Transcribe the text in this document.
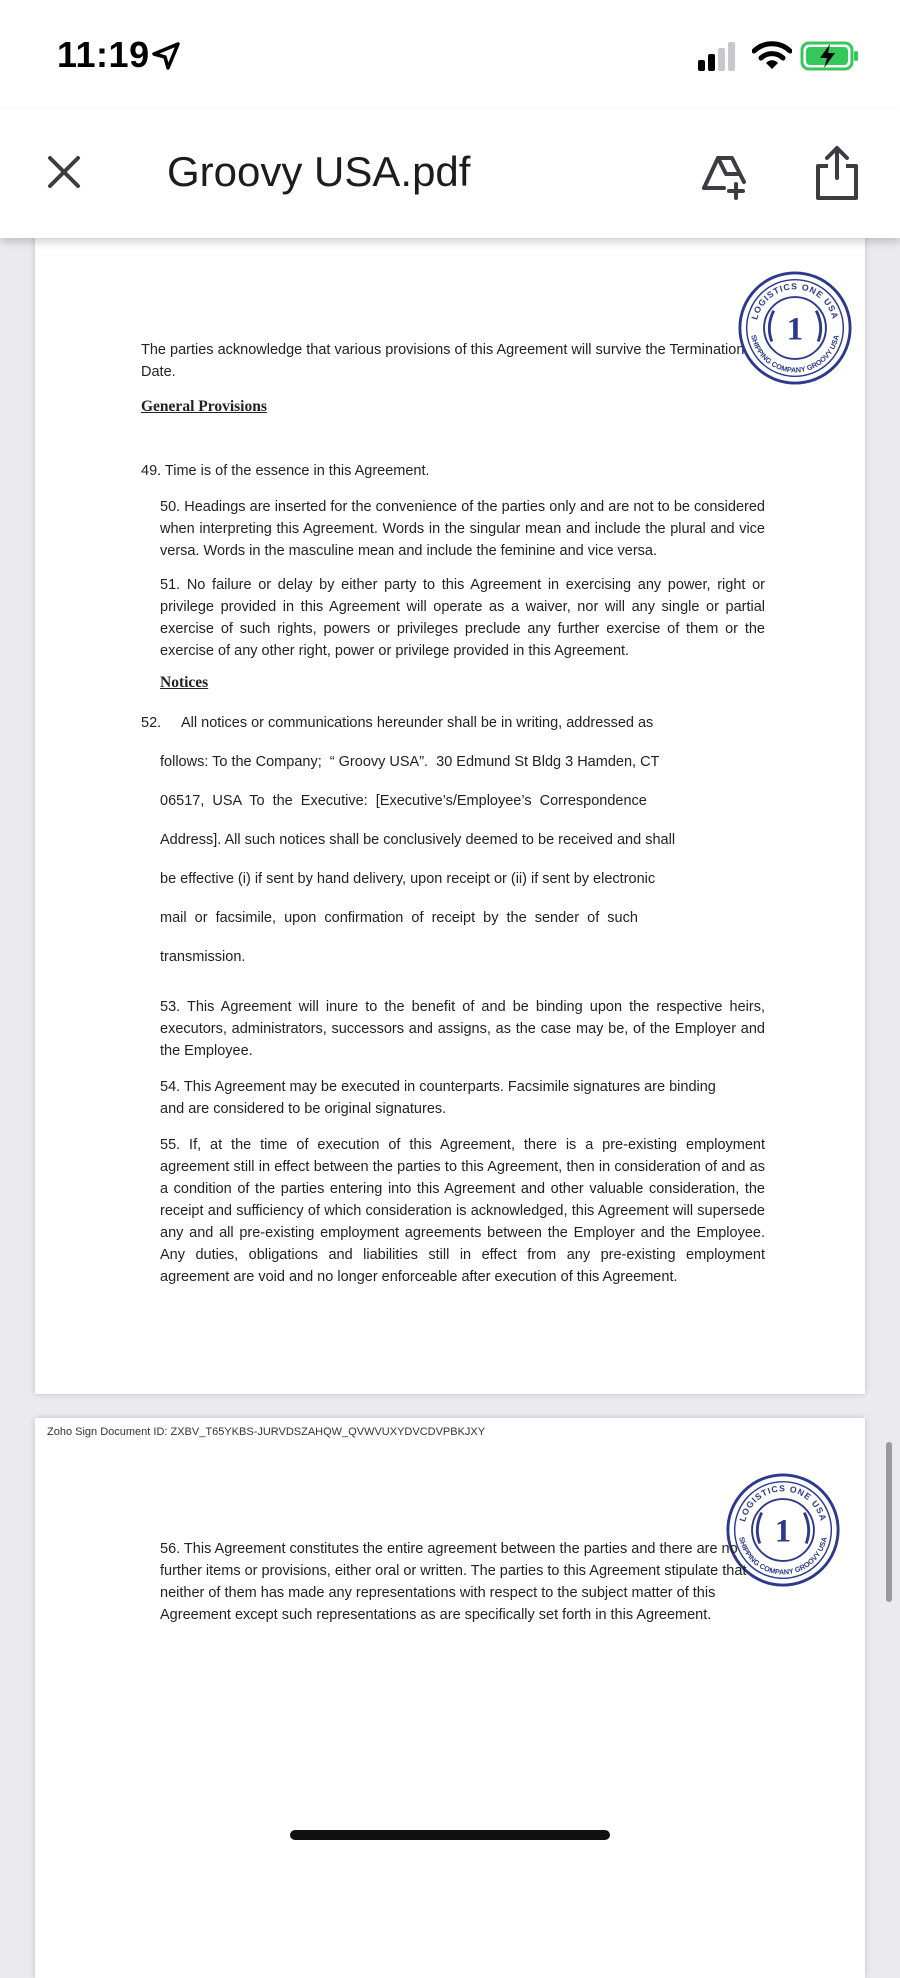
11:19
Groovy USA.pdf
The parties acknowledge that various provisions of this Agreement will survive the Termination Date.
LOGISTICS ONE USA
SHIPPING COMPANY GROOVY USA
1
General Provisions
49. Time is of the essence in this Agreement.
50. Headings are inserted for the convenience of the parties only and are not to be considered when interpreting this Agreement. Words in the singular mean and include the plural and vice versa. Words in the masculine mean and include the feminine and vice versa.
51. No failure or delay by either party to this Agreement in exercising any power, right or privilege provided in this Agreement will operate as a waiver, nor will any single or partial exercise of such rights, powers or privileges preclude any further exercise of them or the exercise of any other right, power or privilege provided in this Agreement.
Notices
52. All notices or communications hereunder shall be in writing, addressed as
follows: To the Company;  “ Groovy USA”.  30 Edmund St Bldg 3 Hamden, CT
06517,  USA  To  the  Executive:  [Executive’s/Employee’s  Correspondence
Address]. All such notices shall be conclusively deemed to be received and shall
be effective (i) if sent by hand delivery, upon receipt or (ii) if sent by electronic
mail  or  facsimile,  upon  confirmation  of  receipt  by  the  sender  of  such
transmission.
53. This Agreement will inure to the benefit of and be binding upon the respective heirs, executors, administrators, successors and assigns, as the case may be, of the Employer and the Employee.
54. This Agreement may be executed in counterparts. Facsimile signatures are binding and are considered to be original signatures.
55. If, at the time of execution of this Agreement, there is a pre-existing employment agreement still in effect between the parties to this Agreement, then in consideration of and as a condition of the parties entering into this Agreement and other valuable consideration, the receipt and sufficiency of which consideration is acknowledged, this Agreement will supersede any and all pre-existing employment agreements between the Employer and the Employee. Any duties, obligations and liabilities still in effect from any pre-existing employment agreement are void and no longer enforceable after execution of this Agreement.
Zoho Sign Document ID: ZXBV_T65YKBS-JURVDSZAHQW_QVWVUXYDVCDVPBKJXY
LOGISTICS ONE USA
SHIPPING COMPANY GROOVY USA
1
56. This Agreement constitutes the entire agreement between the parties and there are no further items or provisions, either oral or written. The parties to this Agreement stipulate that neither of them has made any representations with respect to the subject matter of this Agreement except such representations as are specifically set forth in this Agreement.
